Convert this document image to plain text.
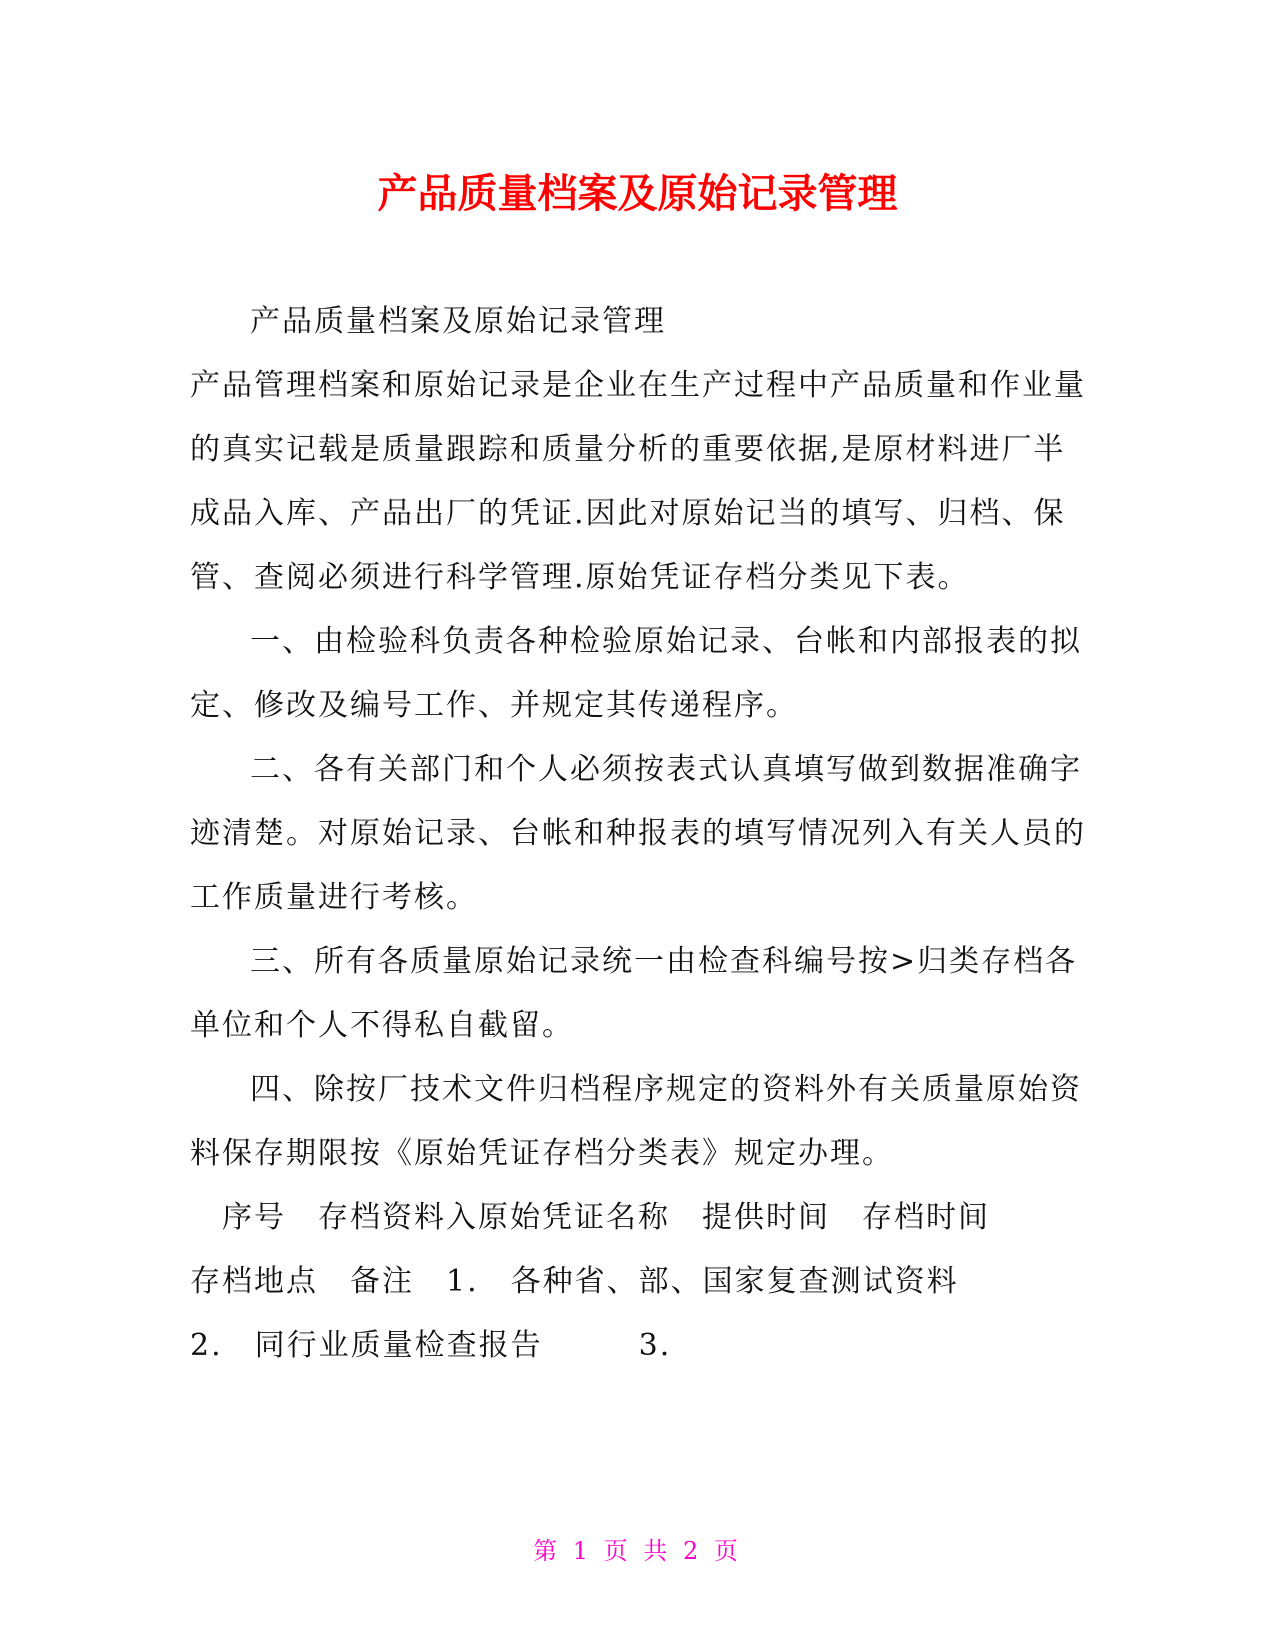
产品质量档案及原始记录管理

产品质量档案及原始记录管理

产品管理档案和原始记录是企业在生产过程中产品质量和作业量的真实记载是质量跟踪和质量分析的重要依据,是原材料进厂半成品入库、产品出厂的凭证.因此对原始记当的填写、归档、保管、查阅必须进行科学管理.原始凭证存档分类见下表。

一、由检验科负责各种检验原始记录、台帐和内部报表的拟定、修改及编号工作、并规定其传递程序。

二、各有关部门和个人必须按表式认真填写做到数据准确字迹清楚。对原始记录、台帐和种报表的填写情况列入有关人员的工作质量进行考核。

三、所有各质量原始记录统一由检查科编号按>归类存档各单位和个人不得私自截留。

四、除按厂技术文件归档程序规定的资料外有关质量原始资料保存期限按《原始凭证存档分类表》规定办理。

　序号　存档资料入原始凭证名称　提供时间　存档时间

存档地点　备注　1.　各种省、部、国家复查测试资料

2.　同行业质量检查报告　　　3.

第 1 页 共 2 页
